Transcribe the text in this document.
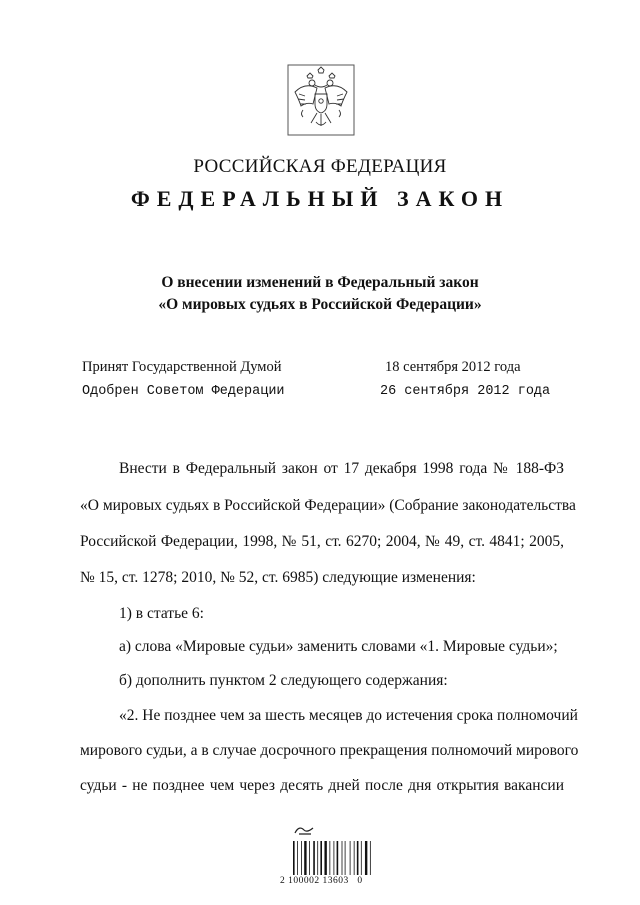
РОССИЙСКАЯ ФЕДЕРАЦИЯ
ФЕДЕРАЛЬНЫЙ ЗАКОН
О внесении изменений в Федеральный закон
«О мировых судьях в Российской Федерации»
Принят Государственной Думой	18 сентября 2012 года
Одобрен Советом Федерации	26 сентября 2012 года
Внести в Федеральный закон от 17 декабря 1998 года № 188-ФЗ
«О мировых судьях в Российской Федерации» (Собрание законодательства
Российской Федерации, 1998, № 51, ст. 6270; 2004, № 49, ст. 4841; 2005,
№ 15, ст. 1278; 2010, № 52, ст. 6985) следующие изменения:
1) в статье 6:
а) слова «Мировые судьи» заменить словами «1. Мировые судьи»;
б) дополнить пунктом 2 следующего содержания:
«2. Не позднее чем за шесть месяцев до истечения срока полномочий
мирового судьи, а в случае досрочного прекращения полномочий мирового
судьи - не позднее чем через десять дней после дня открытия вакансии
2 100002 13603   0
